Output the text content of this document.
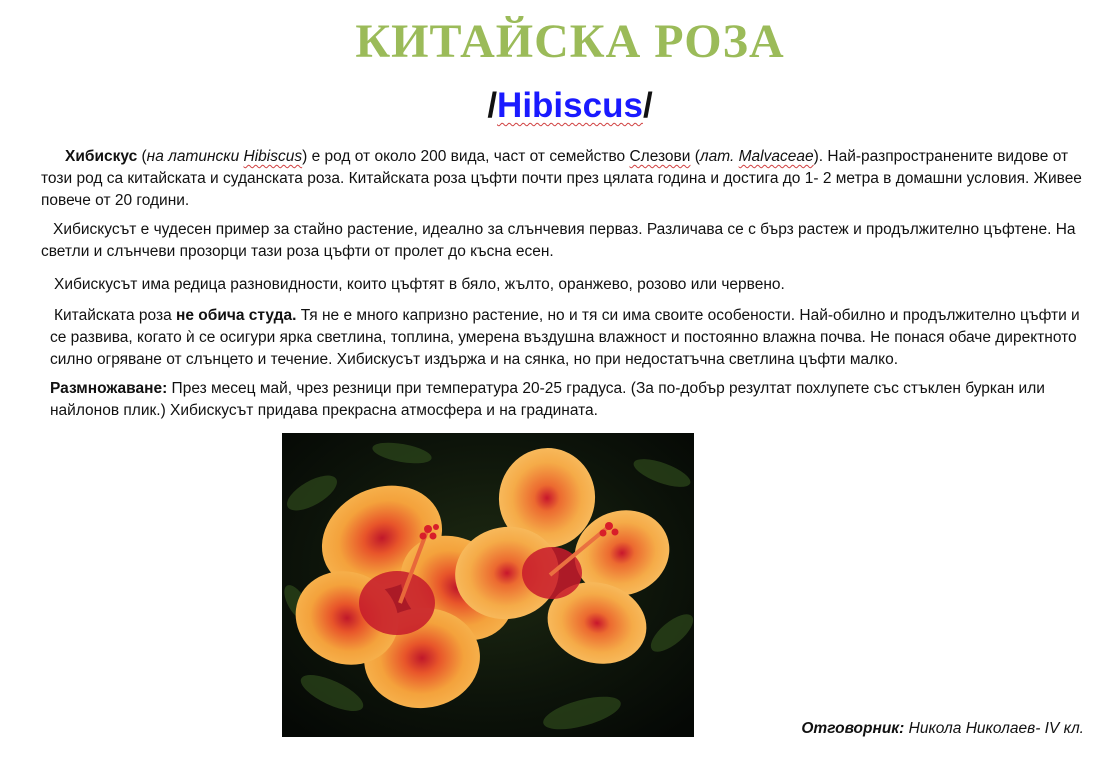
КИТАЙСКА РОЗА
/Hibiscus/
Хибискус (на латински Hibiscus) е род от около 200 вида, част от семейство Слезови (лат. Malvaceae). Най-разпространените видове от този род са китайската и суданската роза. Китайската роза цъфти почти през цялата година и достига до 1- 2 метра в домашни условия. Живее повече от 20 години.
Хибискусът е чудесен пример за стайно растение, идеално за слънчевия перваз. Различава се с бърз растеж и продължително цъфтене. На светли и слънчеви прозорци тази роза цъфти от пролет до късна есен.
Хибискусът има редица разновидности, които цъфтят в бяло, жълто, оранжево, розово или червено.
Китайската роза не обича студа. Тя не е много капризно растение, но и тя си има своите особености. Най-обилно и продължително цъфти и се развива, когато ѝ се осигури ярка светлина, топлина, умерена въздушна влажност и постоянно влажна почва. Не понася обаче директното силно огряване от слънцето и течение. Хибискусът издържа и на сянка, но при недостатъчна светлина цъфти малко.
Размножаване: През месец май, чрез резници при температура 20-25 градуса. (За по-добър резултат похлупете със стъклен буркан или найлонов плик.) Хибискусът придава прекрасна атмосфера и на градината.
Отговорник: Никола Николаев- IV кл.
